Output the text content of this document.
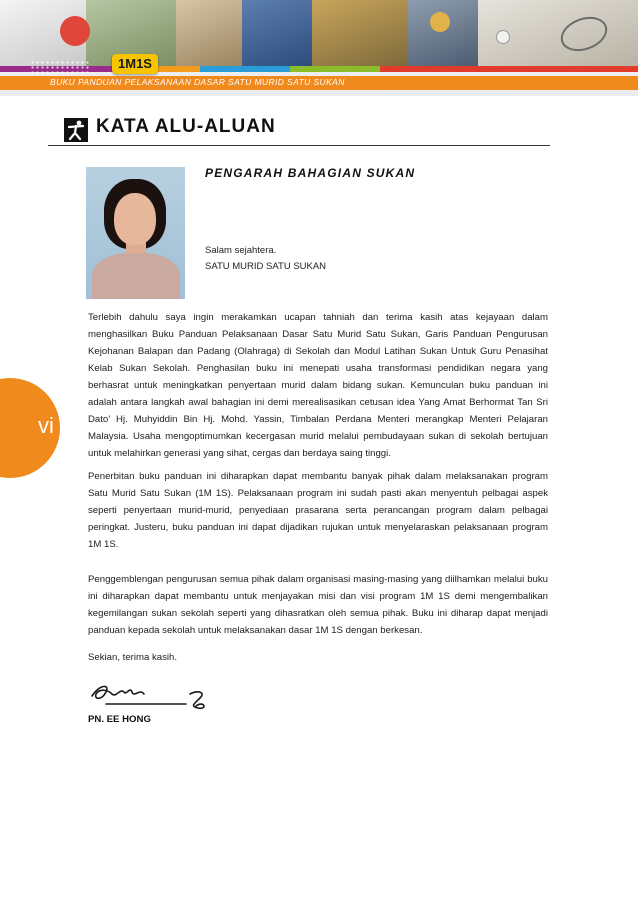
BUKU PANDUAN PELAKSANAAN DASAR SATU MURID SATU SUKAN
1M1S
KATA ALU-ALUAN
PENGARAH BAHAGIAN SUKAN
Salam sejahtera.
SATU MURID SATU SUKAN
vi
Terlebih dahulu saya ingin merakamkan ucapan tahniah dan terima kasih atas kejayaan dalam menghasilkan Buku Panduan Pelaksanaan Dasar Satu Murid Satu Sukan, Garis Panduan Pengurusan Kejohanan Balapan dan Padang (Olahraga) di Sekolah dan Modul Latihan Sukan Untuk Guru Penasihat Kelab Sukan Sekolah. Penghasilan buku ini menepati usaha transformasi pendidikan negara yang berhasrat untuk meningkatkan penyertaan murid dalam bidang sukan. Kemunculan buku panduan ini adalah antara langkah awal bahagian ini demi merealisasikan cetusan idea Yang Amat Berhormat Tan Sri Dato’ Hj. Muhyiddin Bin Hj. Mohd. Yassin, Timbalan Perdana Menteri merangkap Menteri Pelajaran Malaysia. Usaha mengoptimumkan kecergasan murid melalui pembudayaan sukan di sekolah bertujuan untuk melahirkan generasi yang sihat, cergas dan berdaya saing tinggi.
Penerbitan buku panduan ini diharapkan dapat membantu banyak pihak dalam melaksanakan program Satu Murid Satu Sukan (1M 1S). Pelaksanaan program ini sudah pasti akan menyentuh pelbagai aspek seperti penyertaan murid-murid, penyediaan prasarana serta perancangan program dalam pelbagai peringkat. Justeru, buku panduan ini dapat dijadikan rujukan untuk menyelaraskan pelaksanaan program 1M 1S.
Penggemblengan pengurusan semua pihak dalam organisasi masing-masing yang diilhamkan melalui buku ini diharapkan dapat membantu untuk menjayakan misi dan visi program 1M 1S demi mengembalikan kegemilangan sukan sekolah seperti yang dihasratkan oleh semua pihak. Buku ini diharap dapat menjadi panduan kepada sekolah untuk melaksanakan dasar 1M 1S dengan berkesan.
Sekian, terima kasih.
PN. EE HONG
